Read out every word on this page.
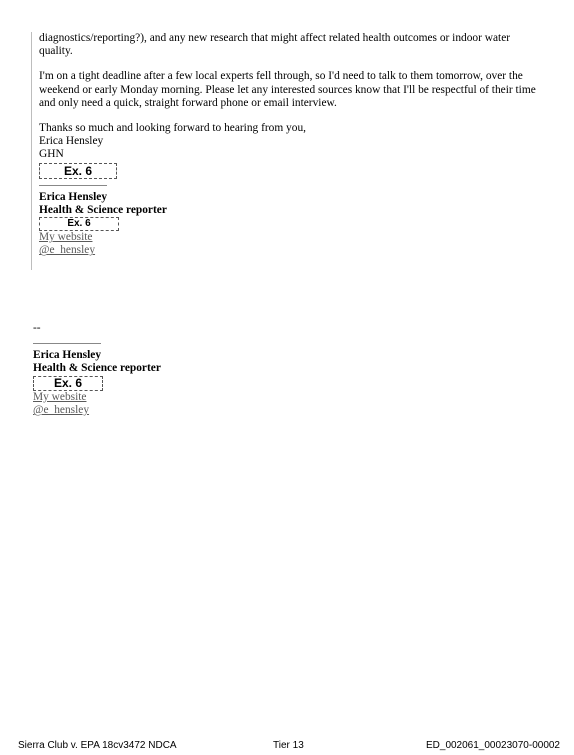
diagnostics/reporting?), and any new research that might affect related health outcomes or indoor water quality.

I'm on a tight deadline after a few local experts fell through, so I'd need to talk to them tomorrow, over the weekend or early Monday morning. Please let any interested sources know that I'll be respectful of their time and only need a quick, straight forward phone or email interview.

Thanks so much and looking forward to hearing from you,

Erica Hensley

GHN

Ex. 6

Erica Hensley

Health & Science reporter

Ex. 6

My website

@e_hensley

--

Erica Hensley

Health & Science reporter

Ex. 6

My website

@e_hensley

Sierra Club v. EPA 18cv3472 NDCA	Tier 13	ED_002061_00023070-00002
